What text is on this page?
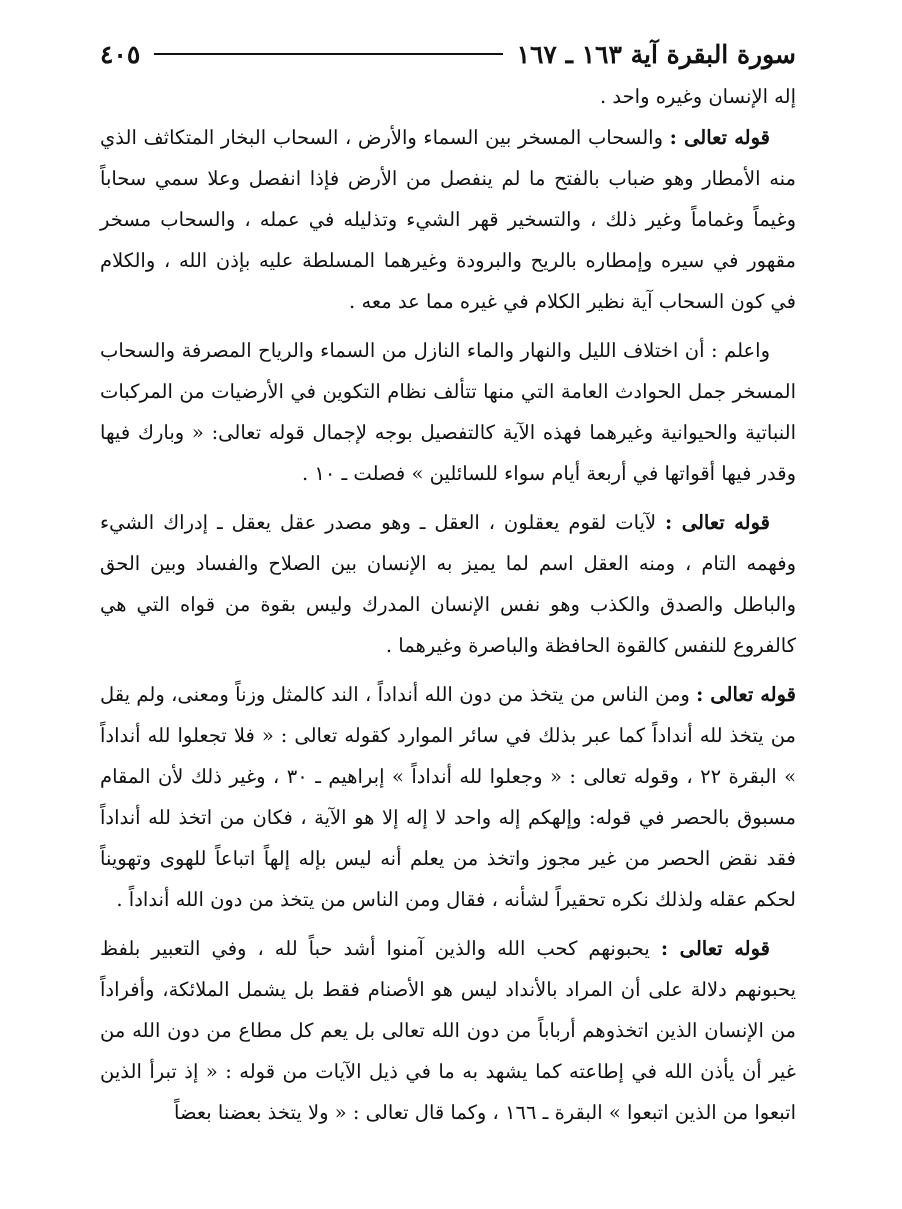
سورة البقرة آية ١٦٣ ـ ١٦٧
٤٠٥

إله الإنسان وغيره واحد .

قوله تعالى : والسحاب المسخر بين السماء والأرض ، السحاب البخار المتكاثف الذي منه الأمطار وهو ضباب بالفتح ما لم ينفصل من الأرض فإذا انفصل وعلا سمي سحاباً وغيماً وغماماً وغير ذلك ، والتسخير قهر الشيء وتذليله في عمله ، والسحاب مسخر مقهور في سيره وإمطاره بالريح والبرودة وغيرهما المسلطة عليه بإذن الله ، والكلام في كون السحاب آية نظير الكلام في غيره مما عد معه .

واعلم : أن اختلاف الليل والنهار والماء النازل من السماء والرياح المصرفة والسحاب المسخر جمل الحوادث العامة التي منها تتألف نظام التكوين في الأرضيات من المركبات النباتية والحيوانية وغيرهما فهذه الآية كالتفصيل بوجه لإجمال قوله تعالى: « وبارك فيها وقدر فيها أقواتها في أربعة أيام سواء للسائلين » فصلت ـ ١٠ .

قوله تعالى : لآيات لقوم يعقلون ، العقل ـ وهو مصدر عقل يعقل ـ إدراك الشيء وفهمه التام ، ومنه العقل اسم لما يميز به الإنسان بين الصلاح والفساد وبين الحق والباطل والصدق والكذب وهو نفس الإنسان المدرك وليس بقوة من قواه التي هي كالفروع للنفس كالقوة الحافظة والباصرة وغيرهما .

قوله تعالى : ومن الناس من يتخذ من دون الله أنداداً ، الند كالمثل وزناً ومعنى، ولم يقل من يتخذ لله أنداداً كما عبر بذلك في سائر الموارد كقوله تعالى : « فلا تجعلوا لله أنداداً » البقرة ٢٢ ، وقوله تعالى : « وجعلوا لله أنداداً » إبراهيم ـ ٣٠ ، وغير ذلك لأن المقام مسبوق بالحصر في قوله: وإلهكم إله واحد لا إله إلا هو الآية ، فكان من اتخذ لله أنداداً فقد نقض الحصر من غير مجوز واتخذ من يعلم أنه ليس بإله إلهاً اتباعاً للهوى وتهويناً لحكم عقله ولذلك نكره تحقيراً لشأنه ، فقال ومن الناس من يتخذ من دون الله أنداداً .

قوله تعالى : يحبونهم كحب الله والذين آمنوا أشد حباً لله ، وفي التعبير بلفظ يحبونهم دلالة على أن المراد بالأنداد ليس هو الأصنام فقط بل يشمل الملائكة، وأفراداً من الإنسان الذين اتخذوهم أرباباً من دون الله تعالى بل يعم كل مطاع من دون الله من غير أن يأذن الله في إطاعته كما يشهد به ما في ذيل الآيات من قوله : « إذ تبرأ الذين اتبعوا من الذين اتبعوا » البقرة ـ ١٦٦ ، وكما قال تعالى : « ولا يتخذ بعضنا بعضاً
